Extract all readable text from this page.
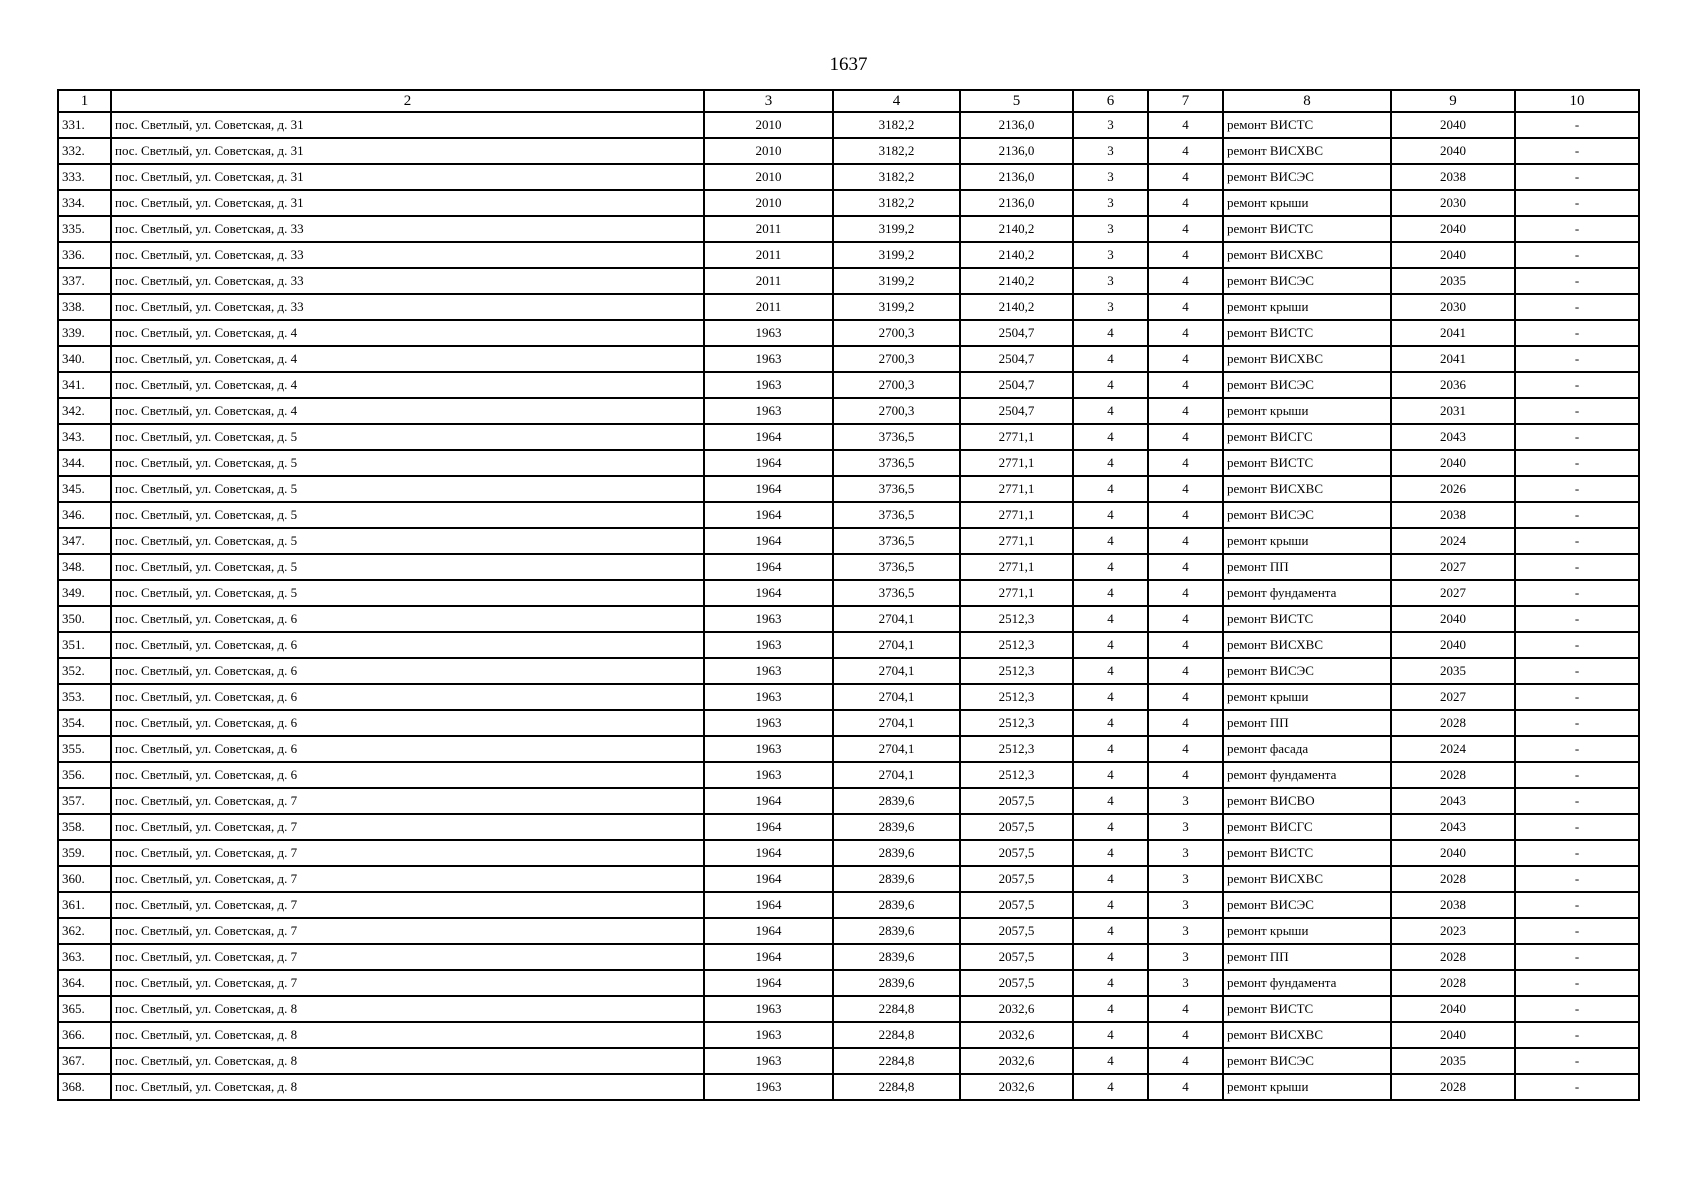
1637
1	2	3	4	5	6	7	8	9	10
331.	пос. Светлый, ул. Советская, д. 31	2010	3182,2	2136,0	3	4	ремонт ВИСТС	2040	-
332.	пос. Светлый, ул. Советская, д. 31	2010	3182,2	2136,0	3	4	ремонт ВИСХВС	2040	-
333.	пос. Светлый, ул. Советская, д. 31	2010	3182,2	2136,0	3	4	ремонт ВИСЭС	2038	-
334.	пос. Светлый, ул. Советская, д. 31	2010	3182,2	2136,0	3	4	ремонт крыши	2030	-
335.	пос. Светлый, ул. Советская, д. 33	2011	3199,2	2140,2	3	4	ремонт ВИСТС	2040	-
336.	пос. Светлый, ул. Советская, д. 33	2011	3199,2	2140,2	3	4	ремонт ВИСХВС	2040	-
337.	пос. Светлый, ул. Советская, д. 33	2011	3199,2	2140,2	3	4	ремонт ВИСЭС	2035	-
338.	пос. Светлый, ул. Советская, д. 33	2011	3199,2	2140,2	3	4	ремонт крыши	2030	-
339.	пос. Светлый, ул. Советская, д. 4	1963	2700,3	2504,7	4	4	ремонт ВИСТС	2041	-
340.	пос. Светлый, ул. Советская, д. 4	1963	2700,3	2504,7	4	4	ремонт ВИСХВС	2041	-
341.	пос. Светлый, ул. Советская, д. 4	1963	2700,3	2504,7	4	4	ремонт ВИСЭС	2036	-
342.	пос. Светлый, ул. Советская, д. 4	1963	2700,3	2504,7	4	4	ремонт крыши	2031	-
343.	пос. Светлый, ул. Советская, д. 5	1964	3736,5	2771,1	4	4	ремонт ВИСГС	2043	-
344.	пос. Светлый, ул. Советская, д. 5	1964	3736,5	2771,1	4	4	ремонт ВИСТС	2040	-
345.	пос. Светлый, ул. Советская, д. 5	1964	3736,5	2771,1	4	4	ремонт ВИСХВС	2026	-
346.	пос. Светлый, ул. Советская, д. 5	1964	3736,5	2771,1	4	4	ремонт ВИСЭС	2038	-
347.	пос. Светлый, ул. Советская, д. 5	1964	3736,5	2771,1	4	4	ремонт крыши	2024	-
348.	пос. Светлый, ул. Советская, д. 5	1964	3736,5	2771,1	4	4	ремонт ПП	2027	-
349.	пос. Светлый, ул. Советская, д. 5	1964	3736,5	2771,1	4	4	ремонт фундамента	2027	-
350.	пос. Светлый, ул. Советская, д. 6	1963	2704,1	2512,3	4	4	ремонт ВИСТС	2040	-
351.	пос. Светлый, ул. Советская, д. 6	1963	2704,1	2512,3	4	4	ремонт ВИСХВС	2040	-
352.	пос. Светлый, ул. Советская, д. 6	1963	2704,1	2512,3	4	4	ремонт ВИСЭС	2035	-
353.	пос. Светлый, ул. Советская, д. 6	1963	2704,1	2512,3	4	4	ремонт крыши	2027	-
354.	пос. Светлый, ул. Советская, д. 6	1963	2704,1	2512,3	4	4	ремонт ПП	2028	-
355.	пос. Светлый, ул. Советская, д. 6	1963	2704,1	2512,3	4	4	ремонт фасада	2024	-
356.	пос. Светлый, ул. Советская, д. 6	1963	2704,1	2512,3	4	4	ремонт фундамента	2028	-
357.	пос. Светлый, ул. Советская, д. 7	1964	2839,6	2057,5	4	3	ремонт ВИСВО	2043	-
358.	пос. Светлый, ул. Советская, д. 7	1964	2839,6	2057,5	4	3	ремонт ВИСГС	2043	-
359.	пос. Светлый, ул. Советская, д. 7	1964	2839,6	2057,5	4	3	ремонт ВИСТС	2040	-
360.	пос. Светлый, ул. Советская, д. 7	1964	2839,6	2057,5	4	3	ремонт ВИСХВС	2028	-
361.	пос. Светлый, ул. Советская, д. 7	1964	2839,6	2057,5	4	3	ремонт ВИСЭС	2038	-
362.	пос. Светлый, ул. Советская, д. 7	1964	2839,6	2057,5	4	3	ремонт крыши	2023	-
363.	пос. Светлый, ул. Советская, д. 7	1964	2839,6	2057,5	4	3	ремонт ПП	2028	-
364.	пос. Светлый, ул. Советская, д. 7	1964	2839,6	2057,5	4	3	ремонт фундамента	2028	-
365.	пос. Светлый, ул. Советская, д. 8	1963	2284,8	2032,6	4	4	ремонт ВИСТС	2040	-
366.	пос. Светлый, ул. Советская, д. 8	1963	2284,8	2032,6	4	4	ремонт ВИСХВС	2040	-
367.	пос. Светлый, ул. Советская, д. 8	1963	2284,8	2032,6	4	4	ремонт ВИСЭС	2035	-
368.	пос. Светлый, ул. Советская, д. 8	1963	2284,8	2032,6	4	4	ремонт крыши	2028	-
